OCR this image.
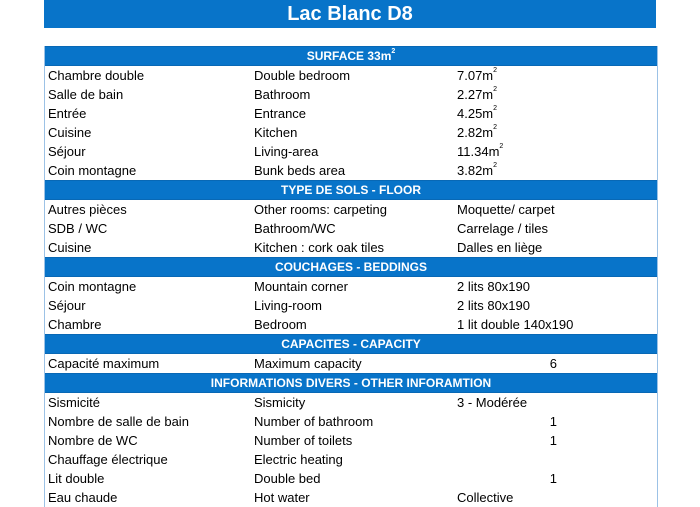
Lac Blanc D8
SURFACE $33m^2$
Chambre double	Double bedroom	$7.07m^2$
Salle de bain	Bathroom	$2.27m^2$
Entrée	Entrance	$4.25m^2$
Cuisine	Kitchen	$2.82m^2$
Séjour	Living-area	$11.34m^2$
Coin montagne	Bunk beds area	$3.82m^2$
TYPE DE SOLS - FLOOR
Autres pièces	Other rooms: carpeting	Moquette/ carpet
SDB / WC	Bathroom/WC	Carrelage / tiles
Cuisine	Kitchen : cork oak tiles	Dalles en liège
COUCHAGES - BEDDINGS
Coin montagne	Mountain corner	2 lits 80x190
Séjour	Living-room	2 lits 80x190
Chambre	Bedroom	1 lit double 140x190
CAPACITES - CAPACITY
Capacité maximum	Maximum capacity	6
INFORMATIONS DIVERS - OTHER INFORAMTION
Sismicité	Sismicity	3 - Modérée
Nombre de salle de bain	Number of bathroom	1
Nombre de WC	Number of toilets	1
Chauffage électrique	Electric heating
Lit double	Double bed	1
Eau chaude	Hot water	Collective
